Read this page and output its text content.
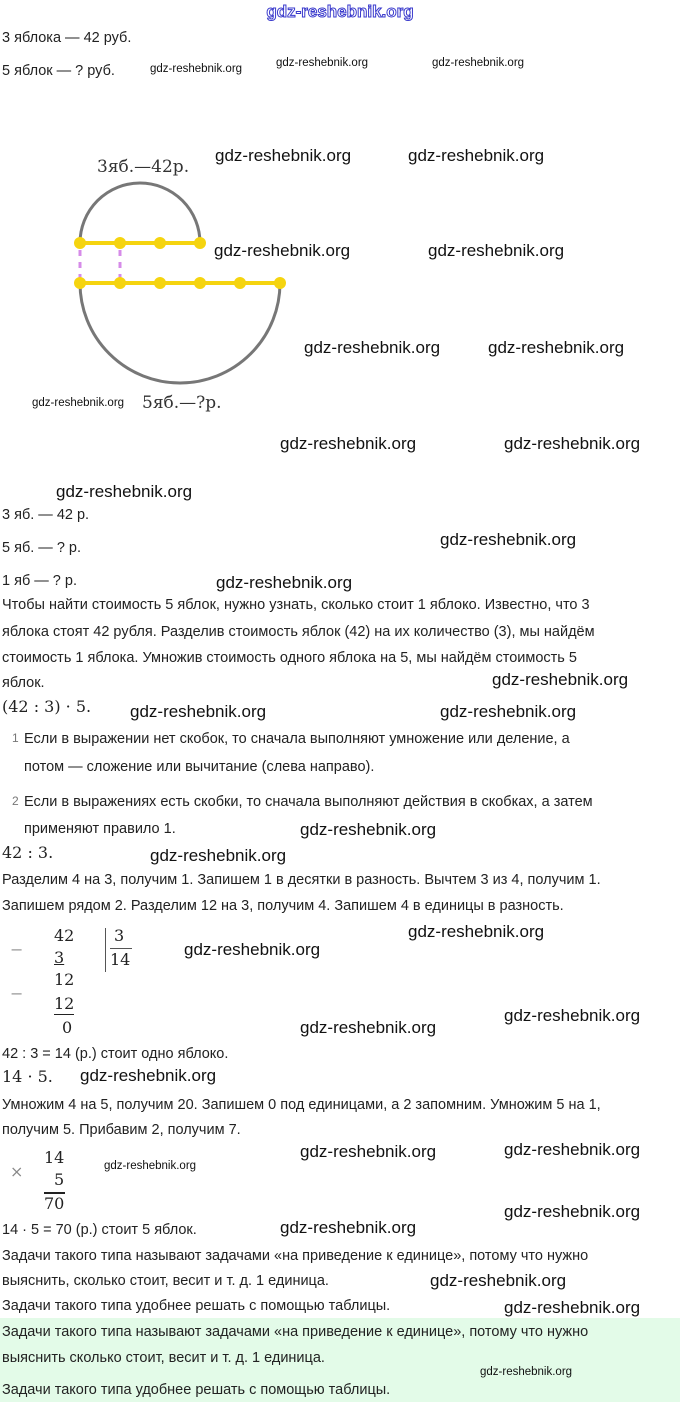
gdz-reshebnik.org
3 яблока — 42 руб.
5 яблок — ? руб.
3яб.—42р.
5яб.—?р.
3 яб. — 42 р.
5 яб. — ? р.
1 яб — ? р.
Чтобы найти стоимость 5 яблок, нужно узнать, сколько стоит 1 яблоко. Известно, что 3
яблока стоят 42 рубля. Разделив стоимость яблок (42) на их количество (3), мы найдём
стоимость 1 яблока. Умножив стоимость одного яблока на 5, мы найдём стоимость 5
яблок.
(42 : 3) · 5.
1 Если в выражении нет скобок, то сначала выполняют умножение или деление, а
потом — сложение или вычитание (слева направо).
2 Если в выражениях есть скобки, то сначала выполняют действия в скобках, а затем
применяют правило 1.
42 : 3.
Разделим 4 на 3, получим 1. Запишем 1 в десятки в разность. Вычтем 3 из 4, получим 1.
Запишем рядом 2. Разделим 12 на 3, получим 4. Запишем 4 в единицы в разность.
−
42
3
12
−
12
0
3
14
42 : 3 = 14 (р.) стоит одно яблоко.
14 · 5.
Умножим 4 на 5, получим 20. Запишем 0 под единицами, а 2 запомним. Умножим 5 на 1,
получим 5. Прибавим 2, получим 7.
×
14
5
70
14 · 5 = 70 (р.) стоит 5 яблок.
Задачи такого типа называют задачами «на приведение к единице», потому что нужно
выяснить, сколько стоит, весит и т. д. 1 единица.
Задачи такого типа удобнее решать с помощью таблицы.
Задачи такого типа называют задачами «на приведение к единице», потому что нужно
выяснить сколько стоит, весит и т. д. 1 единица.
Задачи такого типа удобнее решать с помощью таблицы.
gdz-reshebnik.org	gdz-reshebnik.org
gdz-reshebnik.org	gdz-reshebnik.org
gdz-reshebnik.org	gdz-reshebnik.org
gdz-reshebnik.org	gdz-reshebnik.org
gdz-reshebnik.org
gdz-reshebnik.org
gdz-reshebnik.org
gdz-reshebnik.org
gdz-reshebnik.org	gdz-reshebnik.org
gdz-reshebnik.org
gdz-reshebnik.org
gdz-reshebnik.org
gdz-reshebnik.org
gdz-reshebnik.org
gdz-reshebnik.org
gdz-reshebnik.org
gdz-reshebnik.org
gdz-reshebnik.org
gdz-reshebnik.org
gdz-reshebnik.org
gdz-reshebnik.org
gdz-reshebnik.org
gdz-reshebnik.org	gdz-reshebnik.org	gdz-reshebnik.org
gdz-reshebnik.org
gdz-reshebnik.org
gdz-reshebnik.org
